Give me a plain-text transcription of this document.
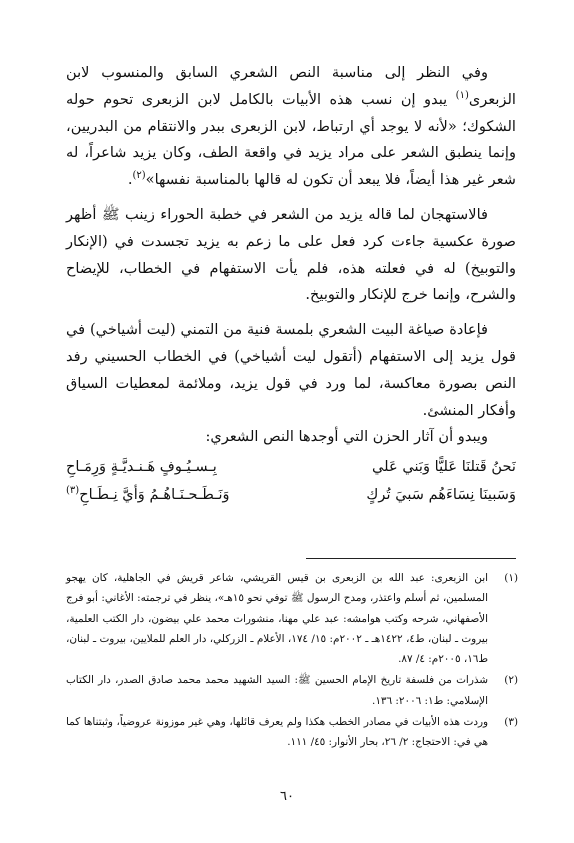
وفي النظر إلى مناسبة النص الشعري السابق والمنسوب لابن الزبعرى$^{(١)}$ يبدو إن نسب هذه الأبيات بالكامل لابن الزبعرى تحوم حوله الشكوك؛ «لأنه لا يوجد أي ارتباط، لابن الزبعرى ببدر والانتقام من البدريين، وإنما ينطبق الشعر على مراد يزيد في واقعة الطف، وكان يزيد شاعراً، له شعر غير هذا أيضاً، فلا يبعد أن تكون له قالها بالمناسبة نفسها»$^{(٢)}$.

فالاستهجان لما قاله يزيد من الشعر في خطبة الحوراء زينب ﷺ أظهر صورة عكسية جاءت كرد فعل على ما زعم به يزيد تجسدت في (الإنكار والتوبيخ) له في فعلته هذه، فلم يأت الاستفهام في الخطاب، للإيضاح والشرح، وإنما خرج للإنكار والتوبيخ.

فإعادة صياغة البيت الشعري بلمسة فنية من التمني (ليت أشياخي) في قول يزيد إلى الاستفهام (أتقول ليت أشياخي) في الخطاب الحسيني رفد النص بصورة معاكسة، لما ورد في قول يزيد، وملائمة لمعطيات السياق وأفكار المنشئ.

ويبدو أن آثار الحزن التي أوجدها النص الشعري:

نَحنُ قَتلنَا عَليًّا وَبَني عَلي
بِـسـيُـوفٍ هَـنـديَّـةٍ وَرِمَـاحِ
وَسَبينَا نِسَاءَهُم سَبيَ تُركٍ
وَنَـطَـحـنَـاهُـمُ وَأيَّ نِـطَـاحِ$^{(٣)}$
(١)
ابن الزبعرى: عبد الله بن الزبعرى بن قيس القريشي، شاعر قريش في الجاهلية، كان يهجو المسلمين، ثم أسلم واعتذر، ومدح الرسول ﷺ توفي نحو ١٥هـ»، ينظر في ترجمته: الأغاني: أبو فرج الأصفهاني، شرحه وكتب هوامشه: عبد علي مهنا، منشورات محمد علي بيضون، دار الكتب العلمية، بيروت ـ لبنان، ط٤، ١٤٢٢هـ ـ ٢٠٠٢م: ١٥/ ١٧٤، الأعلام ـ الزركلي، دار العلم للملايين، بيروت ـ لبنان، ط١٦، ٢٠٠٥م: ٤/ ٨٧.
(٢)
شذرات من فلسفة تاريخ الإمام الحسين ﷺ: السيد الشهيد محمد محمد صادق الصدر، دار الكتاب الإسلامي: ط١: ٢٠٠٦: ١٣٦.
(٣)
وردت هذه الأبيات في مصادر الخطب هكذا ولم يعرف قائلها، وهي غير موزونة عروضياً، وثبتناها كما هي في: الاحتجاج: ٢/ ٢٦، بحار الأنوار: ٤٥/ ١١١.
٦٠
